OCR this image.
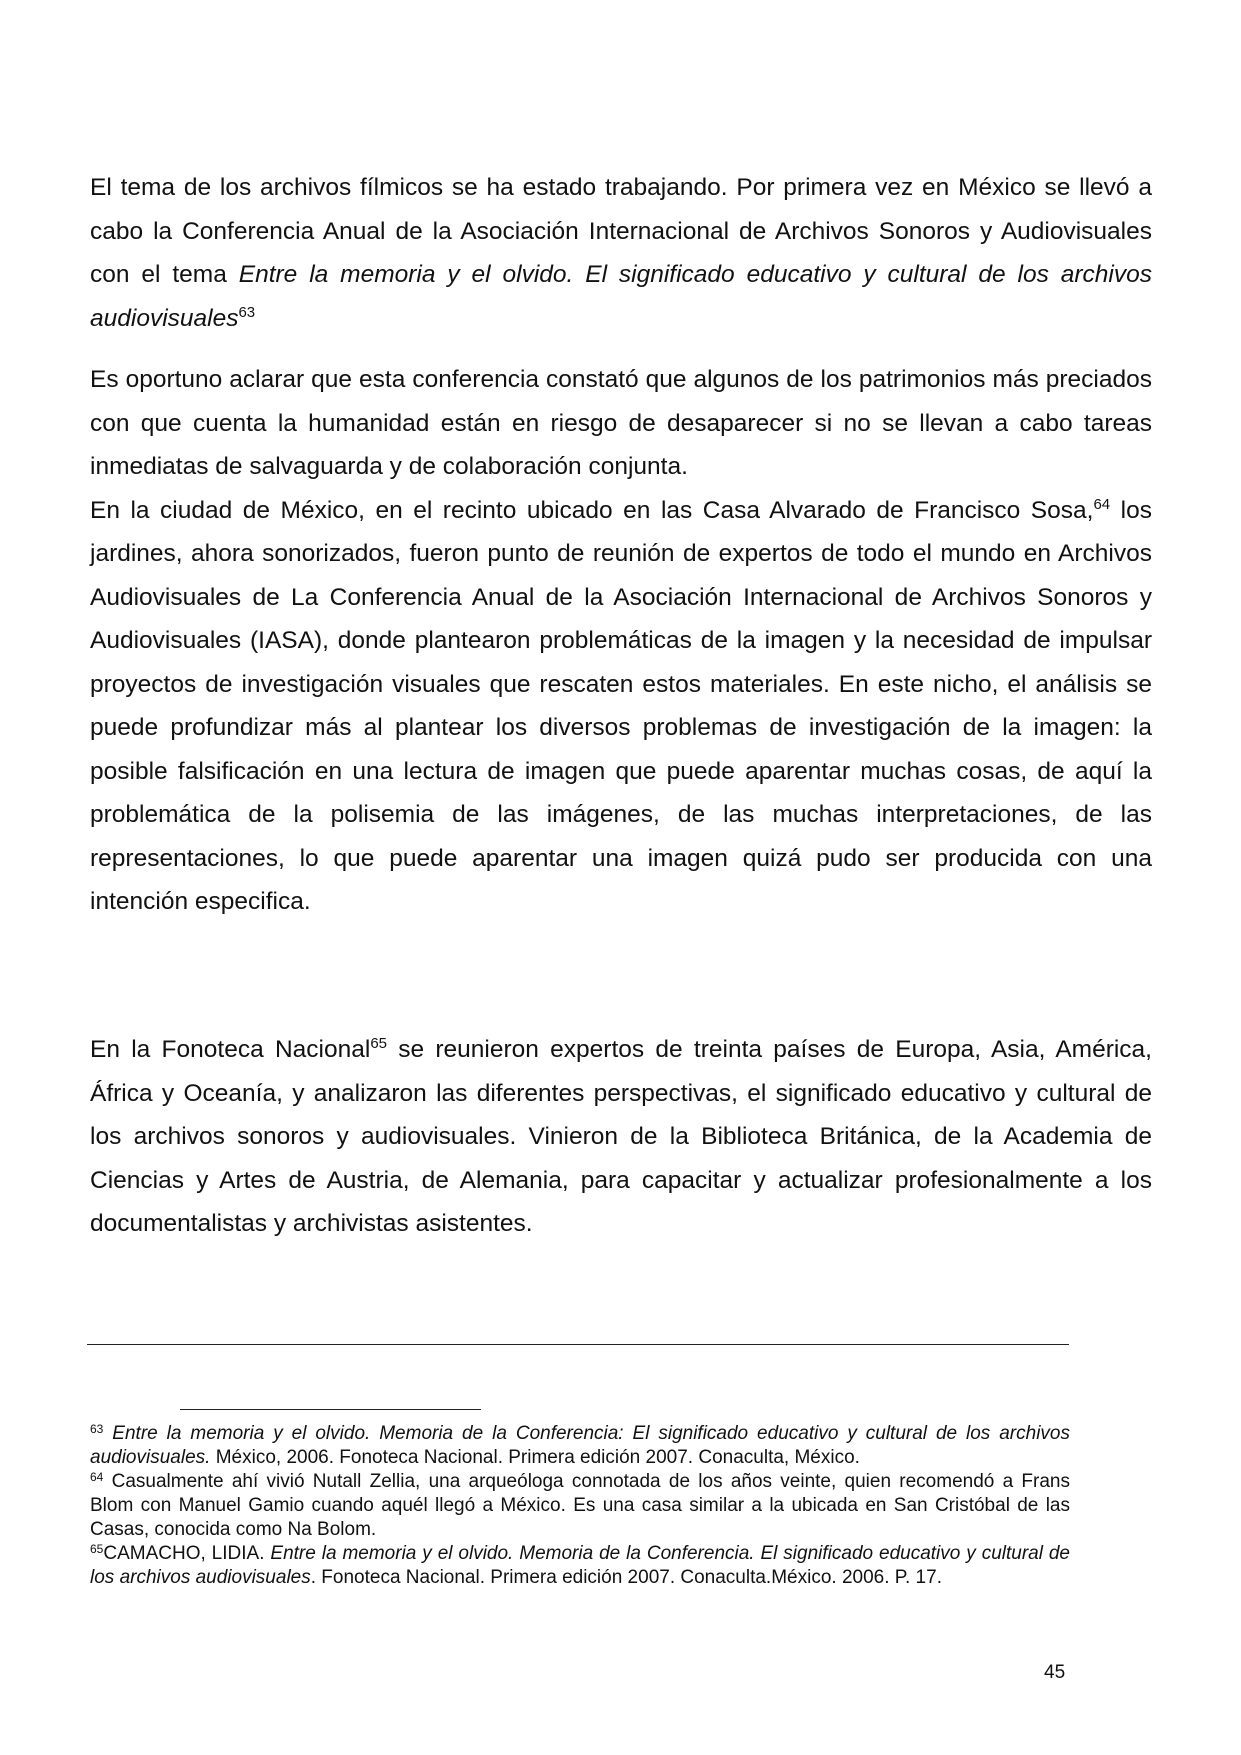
El tema de los archivos fílmicos se ha estado trabajando. Por primera vez en México se llevó a cabo la Conferencia Anual de la Asociación Internacional de Archivos Sonoros y Audiovisuales con el tema Entre la memoria y el olvido. El significado educativo y cultural de los archivos audiovisuales$^{63}$

Es oportuno aclarar que esta conferencia constató que algunos de los patrimonios más preciados con que cuenta la humanidad están en riesgo de desaparecer si no se llevan a cabo tareas inmediatas de salvaguarda y de colaboración conjunta.

En la ciudad de México, en el recinto ubicado en las Casa Alvarado de Francisco Sosa,$^{64}$ los jardines, ahora sonorizados, fueron punto de reunión de expertos de todo el mundo en Archivos Audiovisuales de La Conferencia Anual de la Asociación Internacional de Archivos Sonoros y Audiovisuales (IASA), donde plantearon problemáticas de la imagen y la necesidad de impulsar proyectos de investigación visuales que rescaten estos materiales. En este nicho, el análisis se puede profundizar más al plantear los diversos problemas de investigación de la imagen: la posible falsificación en una lectura de imagen que puede aparentar muchas cosas, de aquí la problemática de la polisemia de las imágenes, de las muchas interpretaciones, de las representaciones, lo que puede aparentar una imagen quizá pudo ser producida con una intención especifica.

En la Fonoteca Nacional$^{65}$ se reunieron expertos de treinta países de Europa, Asia, América, África y Oceanía, y analizaron las diferentes perspectivas, el significado educativo y cultural de los archivos sonoros y audiovisuales. Vinieron de la Biblioteca Británica, de la Academia de Ciencias y Artes de Austria, de Alemania, para capacitar y actualizar profesionalmente a los documentalistas y archivistas asistentes.

$^{63}$ Entre la memoria y el olvido. Memoria de la Conferencia: El significado educativo y cultural de los archivos audiovisuales. México, 2006. Fonoteca Nacional. Primera edición 2007. Conaculta, México.

$^{64}$ Casualmente ahí vivió Nutall Zellia, una arqueóloga connotada de los años veinte, quien recomendó a Frans Blom con Manuel Gamio cuando aquél llegó a México. Es una casa similar a la ubicada en San Cristóbal de las Casas, conocida como Na Bolom.

$^{65}$CAMACHO, LIDIA. Entre la memoria y el olvido. Memoria de la Conferencia. El significado educativo y cultural de los archivos audiovisuales. Fonoteca Nacional. Primera edición 2007. Conaculta.México. 2006. P. 17.

45
